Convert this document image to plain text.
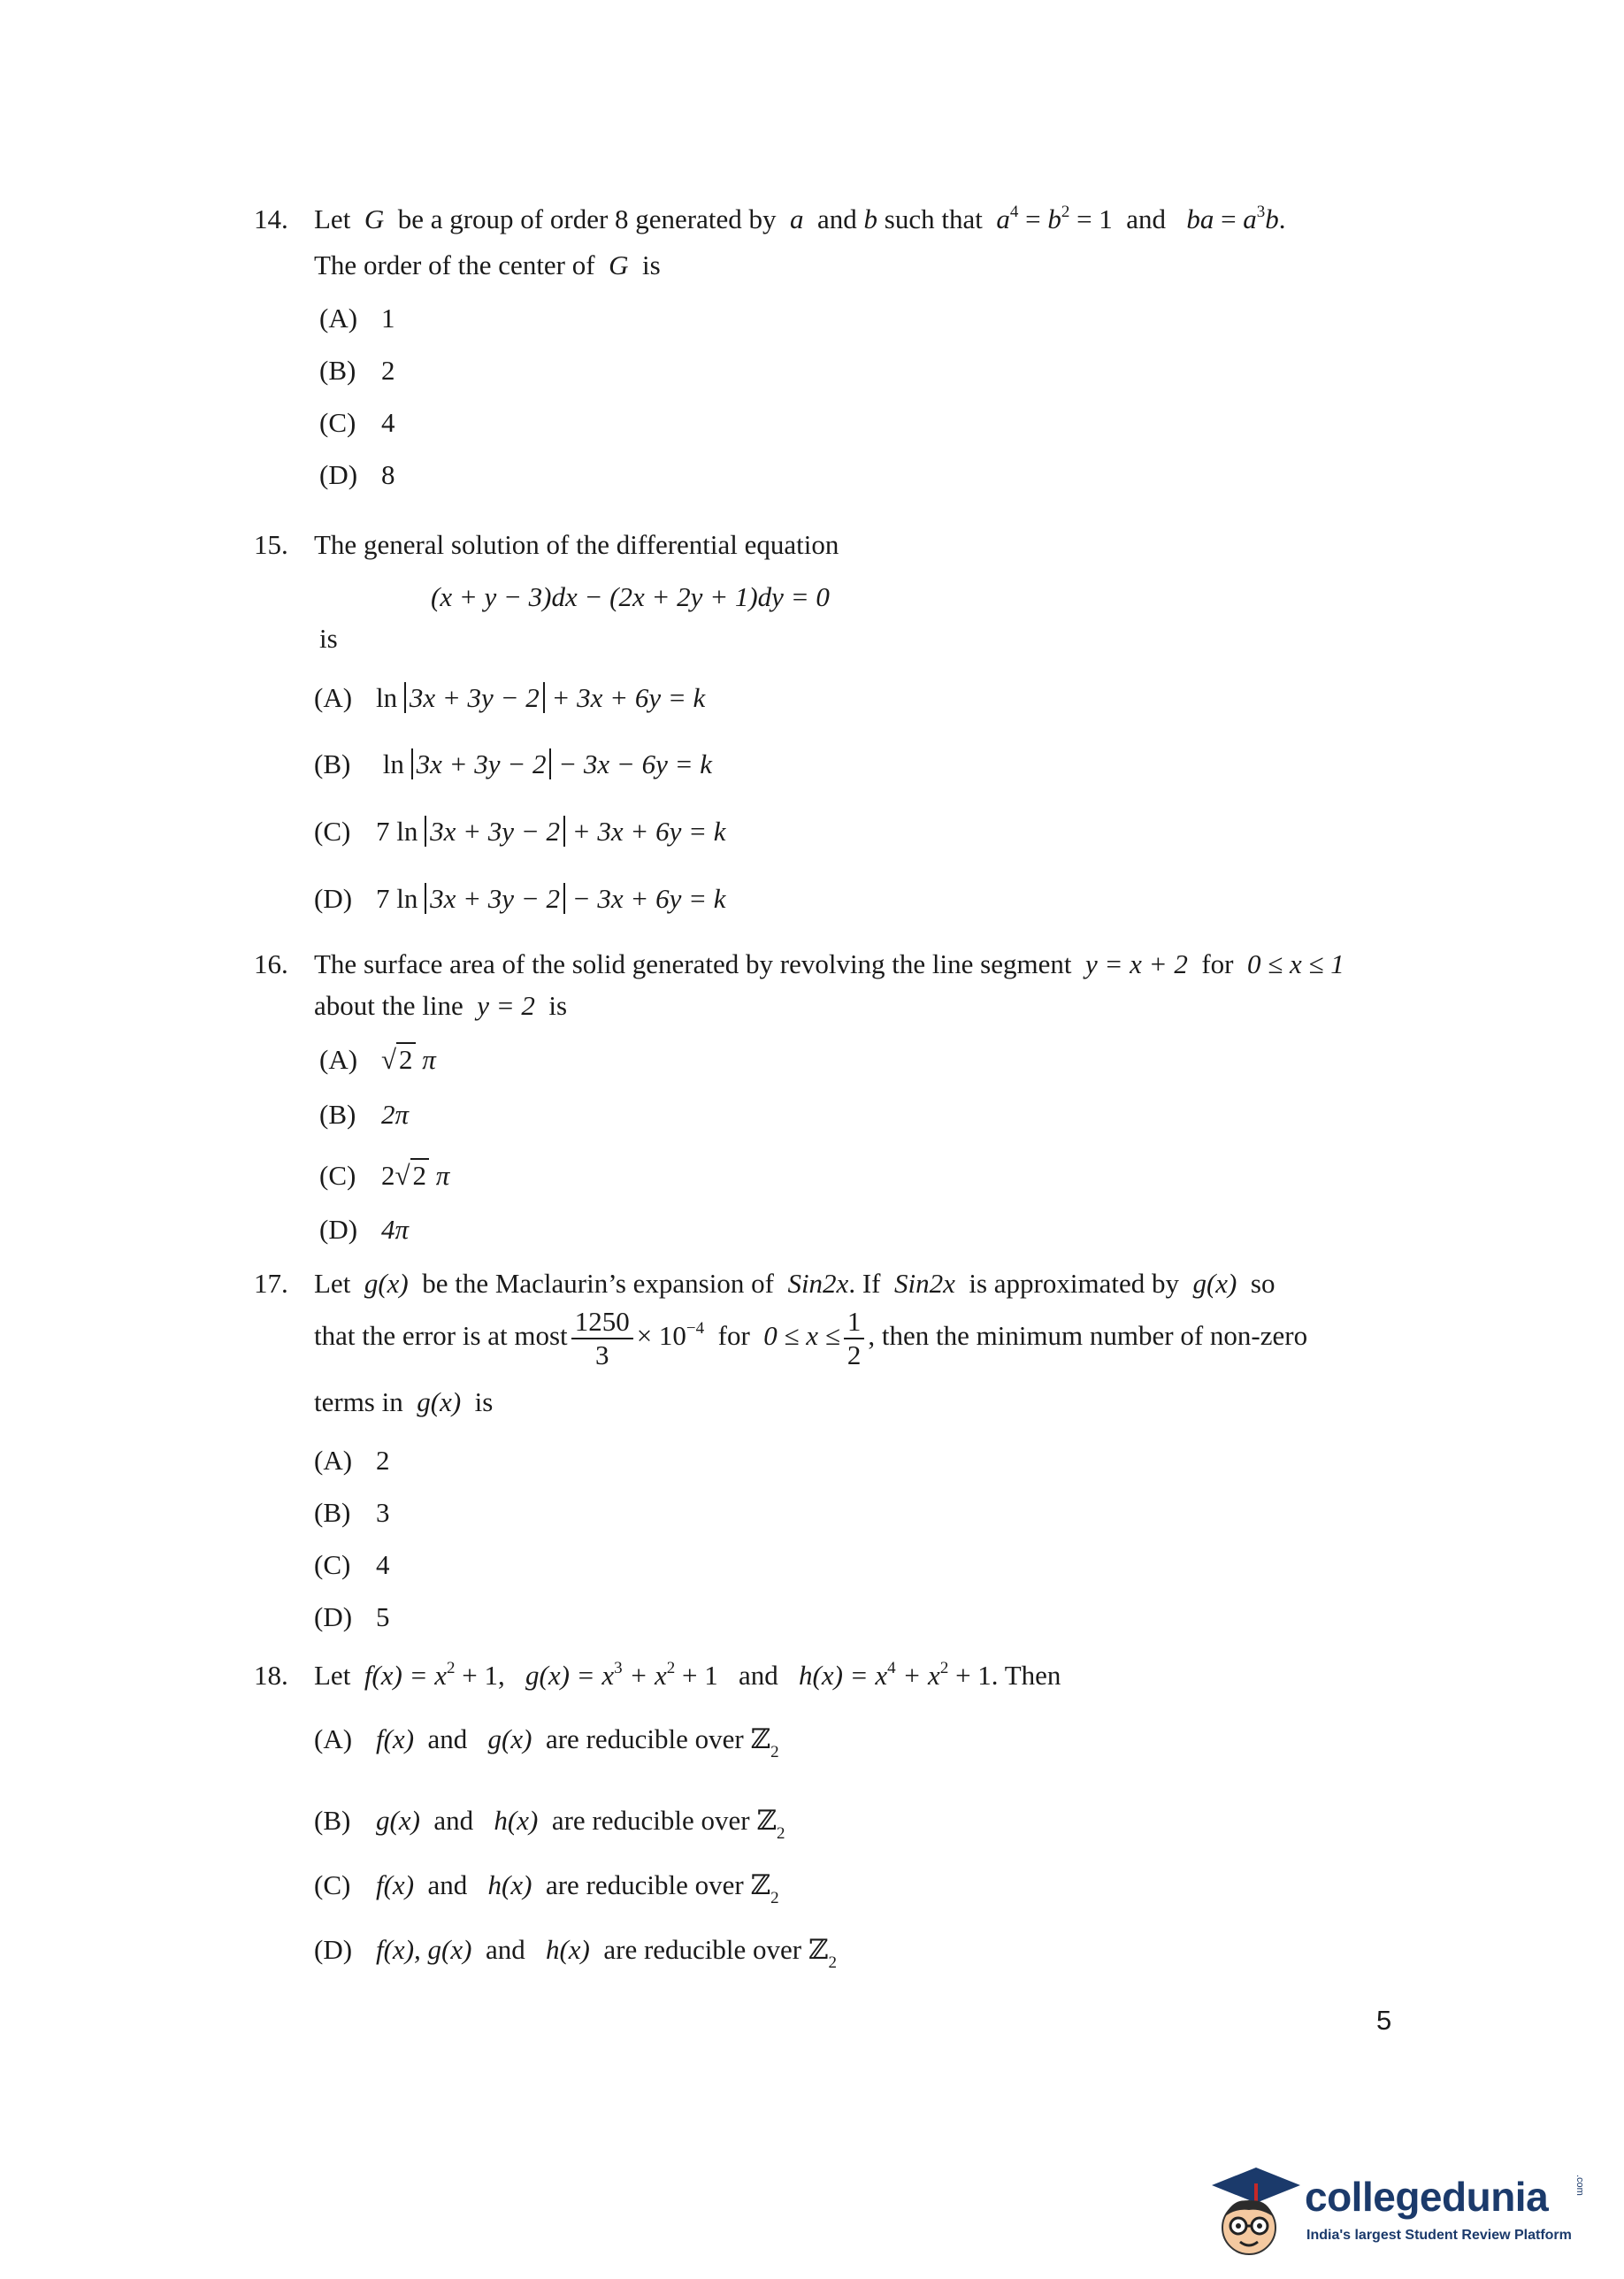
14. Let G be a group of order 8 generated by a and b such that $a^4 = b^2 = 1$ and ba = $a^3b$.
The order of the center of G is
(A) 1
(B) 2
(C) 4
(D) 8
15. The general solution of the differential equation
(x + y − 3)dx − (2x + 2y + 1)dy = 0
is
(A) ln 3x + 3y − 2 + 3x + 6y = k
(B) ln 3x + 3y − 2 − 3x − 6y = k
(C) 7 ln 3x + 3y − 2 + 3x + 6y = k
(D) 7 ln 3x + 3y − 2 − 3x + 6y = k
16. The surface area of the solid generated by revolving the line segment y = x + 2 for 0 ≤ x ≤ 1
about the line y = 2 is
(A) √2 π
(B) 2π
(C) 2√2 π
(D) 4π
17. Let g(x) be the Maclaurin’s expansion of Sin2x. If Sin2x is approximated by g(x) so
that the error is at most $\frac{1250}{3} \times 10^{-4}$ for $0 \le x \le \frac{1}{2}$ , then the minimum number of non-zero
terms in g(x) is
(A) 2
(B) 3
(C) 4
(D) 5
18. Let $f(x) = x^2 + 1$, $g(x) = x^3 + x^2 + 1$ and $h(x) = x^4 + x^2 + 1$. Then
(A) f(x) and g(x) are reducible over ℤ$_2$
(B) g(x) and h(x) are reducible over ℤ$_2$
(C) f(x) and h(x) are reducible over ℤ$_2$
(D) f(x), g(x) and h(x) are reducible over ℤ$_2$
5
collegedunia	.com
India's largest Student Review Platform
